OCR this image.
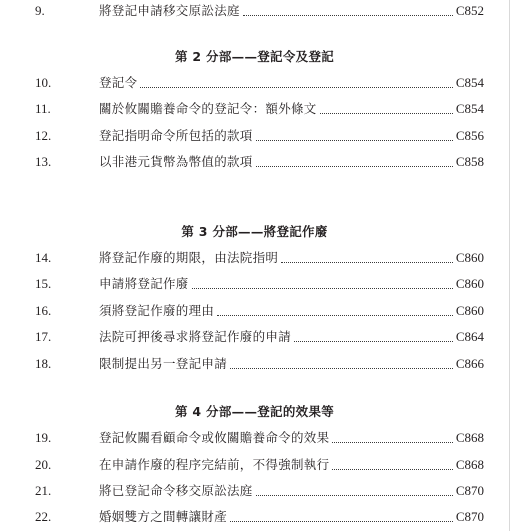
9.	將登記申請移交原訟法庭	C852
第 2 分部——登記令及登記
10.	登記令	C854
11.	關於攸關贍養命令的登記令：額外條文	C854
12.	登記指明命令所包括的款項	C856
13.	以非港元貨幣為幣值的款項	C858
第 3 分部——將登記作廢
14.	將登記作廢的期限，由法院指明	C860
15.	申請將登記作廢	C860
16.	須將登記作廢的理由	C860
17.	法院可押後尋求將登記作廢的申請	C864
18.	限制提出另一登記申請	C866
第 4 分部——登記的效果等
19.	登記攸關看顧命令或攸關贍養命令的效果	C868
20.	在申請作廢的程序完結前，不得強制執行	C868
21.	將已登記命令移交原訟法庭	C870
22.	婚姻雙方之間轉讓財產	C870
